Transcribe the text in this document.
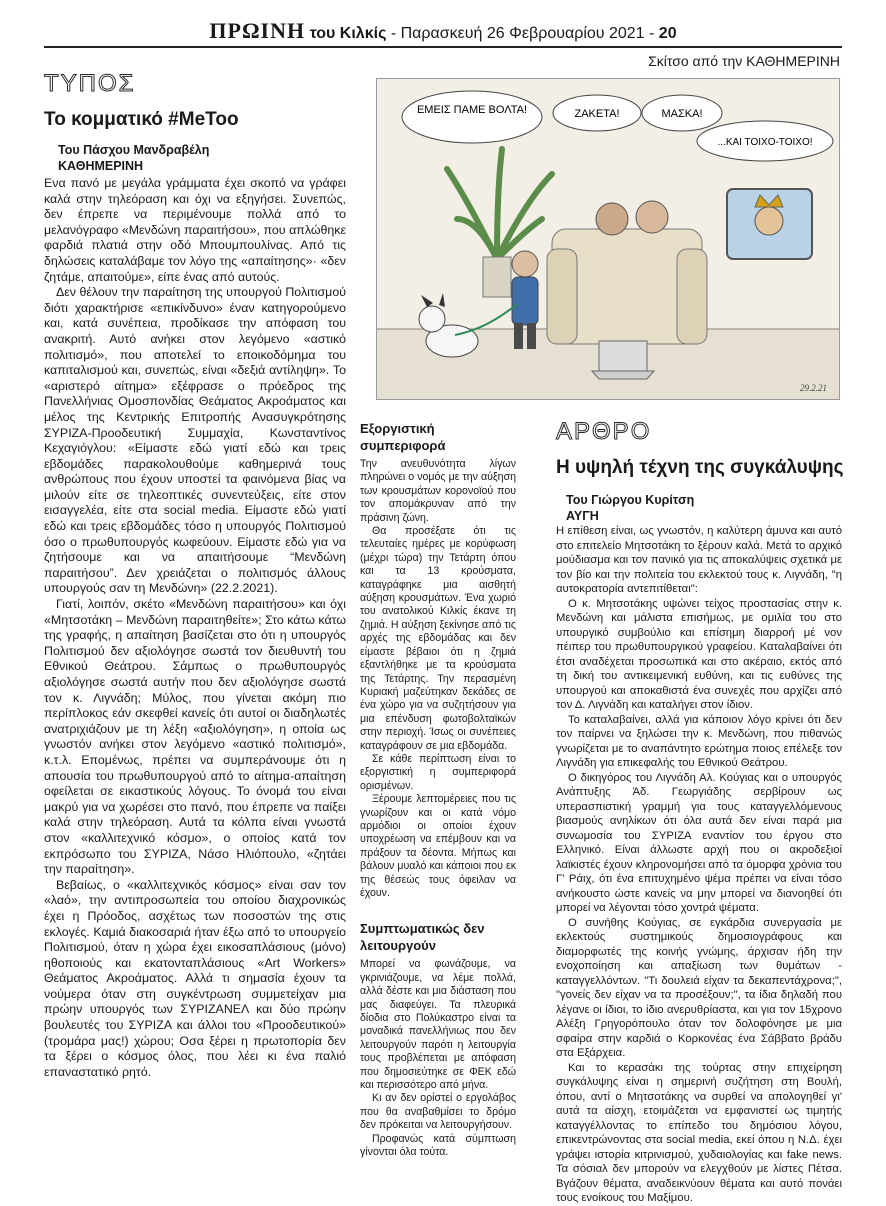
ΠΡΩΙΝΗ του Κιλκίς - Παρασκευή 26 Φεβρουαρίου 2021 - 20
ΤΥΠΟΣ
Το κομματικό #MeToo
Του Πάσχου Μανδραβέλη
ΚΑΘΗΜΕΡΙΝΗ

Ενα πανό με μεγάλα γράμματα έχει σκοπό να γράφει καλά στην τηλεόραση και όχι να εξηγήσει. Συνεπώς, δεν έπρεπε να περιμένουμε πολλά από το μελανόγραφο «Μενδώνη παραιτήσου», που απλώθηκε φαρδιά πλατιά στην οδό Μπουμπουλίνας. Από τις δηλώσεις καταλάβαμε τον λόγο της «απαίτησης»· «δεν ζητάμε, απαιτούμε», είπε ένας από αυτούς.

Δεν θέλουν την παραίτηση της υπουργού Πολιτισμού διότι χαρακτήρισε «επικίνδυνο» έναν κατηγορούμενο και, κατά συνέπεια, προδίκασε την απόφαση του ανακριτή. Αυτό ανήκει στον λεγόμενο «αστικό πολιτισμό», που αποτελεί το εποικοδόμημα του καπιταλισμού και, συνεπώς, είναι «δεξιά αντίληψη». Το «αριστερό αίτημα» εξέφρασε ο πρόεδρος της Πανελλήνιας Ομοσπονδίας Θεάματος Ακροάματος και μέλος της Κεντρικής Επιτροπής Ανασυγκρότησης ΣΥΡΙΖΑ-Προοδευτική Συμμαχία, Κωνσταντίνος Κεχαγιόγλου: «Είμαστε εδώ γιατί εδώ και τρεις εβδομάδες παρακολουθούμε καθημερινά τους ανθρώπους που έχουν υποστεί τα φαινόμενα βίας να μιλούν είτε σε τηλεοπτικές συνεντεύξεις, είτε στον εισαγγελέα, είτε στα social media. Είμαστε εδώ γιατί εδώ και τρεις εβδομάδες τόσο η υπουργός Πολιτισμού όσο ο πρωθυπουργός κωφεύουν. Είμαστε εδώ για να ζητήσουμε και να απαιτήσουμε “Μενδώνη παραιτήσου”. Δεν χρειάζεται ο πολιτισμός άλλους υπουργούς σαν τη Μενδώνη» (22.2.2021).

Γιατί, λοιπόν, σκέτο «Μενδώνη παραιτήσου» και όχι «Μητσοτάκη – Μενδώνη παραιτηθείτε»; Στο κάτω κάτω της γραφής, η απαίτηση βασίζεται στο ότι η υπουργός Πολιτισμού δεν αξιολόγησε σωστά τον διευθυντή του Εθνικού Θεάτρου. Σάμπως ο πρωθυπουργός αξιολόγησε σωστά αυτήν που δεν αξιολόγησε σωστά τον κ. Λιγνάδη; Μύλος, που γίνεται ακόμη πιο περίπλοκος εάν σκεφθεί κανείς ότι αυτοί οι διαδηλωτές ανατριχιάζουν με τη λέξη «αξιολόγηση», η οποία ως γνωστόν ανήκει στον λεγόμενο «αστικό πολιτισμό», κ.τ.λ. Επομένως, πρέπει να συμπεράνουμε ότι η απουσία του πρωθυπουργού από το αίτημα-απαίτηση οφείλεται σε εικαστικούς λόγους. Το όνομά του είναι μακρύ για να χωρέσει στο πανό, που έπρεπε να παίξει καλά στην τηλεόραση. Αυτά τα κόλπα είναι γνωστά στον «καλλιτεχνικό κόσμο», ο οποίος κατά τον εκπρόσωπο του ΣΥΡΙΖΑ, Νάσο Ηλιόπουλο, «ζητάει την παραίτηση».

Βεβαίως, ο «καλλιτεχνικός κόσμος» είναι σαν τον «λαό», την αντιπροσωπεία του οποίου διαχρονικώς έχει η Πρόοδος, ασχέτως των ποσοστών της στις εκλογές. Καμιά διακοσαριά ήταν έξω από το υπουργείο Πολιτισμού, όταν η χώρα έχει εικοσαπλάσιους (μόνο) ηθοποιούς και εκατονταπλάσιους «Art Workers» Θεάματος Ακροάματος. Αλλά τι σημασία έχουν τα νούμερα όταν στη συγκέντρωση συμμετείχαν μια πρώην υπουργός των ΣΥΡΙΖΑΝΕΛ και δύο πρώην βουλευτές του ΣΥΡΙΖΑ και άλλοι του «Προοδευτικού» (τρομάρα μας!) χώρου; Οσα ξέρει η πρωτοπορία δεν τα ξέρει ο κόσμος όλος, που λέει κι ένα παλιό επαναστατικό ρητό.

Σκίτσο από την ΚΑΘΗΜΕΡΙΝΗ
ΕΜΕΙΣ ΠΑΜΕ ΒΟΛΤΑ!	ΖΑΚΕΤΑ!	ΜΑΣΚΑ!
...ΚΑΙ ΤΟΙΧΟ-ΤΟΙΧΟ!
29.2.21
Εξοργιστική συμπεριφορά

Την ανευθυνότητα λίγων πληρώνει ο νομός με την αύξηση των κρουσμάτων κορονοϊού που τον απομάκρυναν από την πράσινη ζώνη.

Θα προσέξατε ότι τις τελευταίες ημέρες με κορύφωση (μέχρι τώρα) την Τετάρτη όπου και τα 13 κρούσματα, καταγράφηκε μια αισθητή αύξηση κρουσμάτων. Ένα χωριό του ανατολικού Κιλκίς έκανε τη ζημιά. Η αύξηση ξεκίνησε από τις αρχές της εβδομάδας και δεν είμαστε βέβαιοι ότι η ζημιά εξαντλήθηκε με τα κρούσματα της Τετάρτης. Την περασμένη Κυριακή μαζεύτηκαν δεκάδες σε ένα χώρο για να συζητήσουν για μια επένδυση φωτοβολταϊκών στην περιοχή. Ίσως οι συνέπειες καταγράφουν σε μια εβδομάδα.

Σε κάθε περίπτωση είναι το εξοργιστική η συμπεριφορά ορισμένων.

Ξέρουμε λεπτομέρειες που τις γνωρίζουν και οι κατά νόμο αρμόδιοι οι οποίοι έχουν υποχρέωση να επέμβουν και να πράξουν τα δέοντα. Μήπως και βάλουν μυαλό και κάποιοι που εκ της θέσεώς τους όφειλαν να έχουν.

Συμπτωματικώς δεν λειτουργούν

Μπορεί να φωνάζουμε, να γκρινιάζουμε, να λέμε πολλά, αλλά δέστε και μια διάσταση που μας διαφεύγει. Τα πλευρικά δίοδια στο Πολύκαστρο είναι τα μοναδικά πανελλήνιως που δεν λειτουργούν παρότι η λειτουργία τους προβλέπεται με απόφαση που δημοσιεύτηκε σε ΦΕΚ εδώ και περισσότερο από μήνα.

Κι αν δεν ορίστεί ο εργολάβος που θα αναβαθμίσει το δρόμο δεν πρόκειται να λειτουργήσουν.

Προφανώς κατά σύμπτωση γίνονται όλα τούτα.

ΑΡΘΡΟ
Η υψηλή τέχνη της συγκάλυψης
Του Γιώργου Κυρίτση
ΑΥΓΗ

Η επίθεση είναι, ως γνωστόν, η καλύτερη άμυνα και αυτό στο επιτελείο Μητσοτάκη το ξέρουν καλά. Μετά το αρχικό μούδιασμα και τον πανικό για τις αποκαλύψεις σχετικά με τον βίο και την πολιτεία του εκλεκτού τους κ. Λιγνάδη, "η αυτοκρατορία αντεπιτίθεται":

Ο κ. Μητσοτάκης υψώνει τείχος προστασίας στην κ. Μενδώνη και μάλιστα επισήμως, με ομιλία του στο υπουργικό συμβούλιο και επίσημη διαρροή μέ νον πέιπερ του πρωθυπουργικού γραφείου. Καταλαβαίνει ότι έτσι αναδέχεται προσωπικά και στο ακέραιο, εκτός από τη δική του αντικειμενική ευθύνη, και τις ευθύνες της υπουργού και αποκαθιστά ένα συνεχές που αρχίζει από τον Δ. Λιγνάδη και καταλήγει στον ίδιον.

Το καταλαβαίνει, αλλά για κάποιον λόγο κρίνει ότι δεν τον παίρνει να ξηλώσει την κ. Μενδώνη, που πιθανώς γνωρίζεται με το αναπάντητο ερώτημα ποιος επέλεξε τον Λιγνάδη για επικεφαλής του Εθνικού Θεάτρου.

Ο δικηγόρος του Λιγνάδη Αλ. Κούγιας και ο υπουργός Ανάπτυξης Άδ. Γεωργιάδης σερβίρουν ως υπερασπιστική γραμμή για τους καταγγελλόμενους βιασμούς ανηλίκων ότι όλα αυτά δεν είναι παρά μια συνωμοσία του ΣΥΡΙΖΑ εναντίον του έργου στο Ελληνικό. Είναι άλλωστε αρχή που οι ακροδεξιοί λαϊκιστές έχουν κληρονομήσει από τα όμορφα χρόνια του Γ' Ράιχ, ότι ένα επιτυχημένο ψέμα πρέπει να είναι τόσο ανήκουστο ώστε κανείς να μην μπορεί να διανοηθεί ότι μπορεί να λέγονται τόσο χοντρά ψέματα.

Ο συνήθης Κούγιας, σε εγκάρδια συνεργασία με εκλεκτούς συστημικούς δημοσιογράφους και διαμορφωτές της κοινής γνώμης, άρχισαν ήδη την ενοχοποίηση και απαξίωση των θυμάτων - καταγγελλόντων. "Τι δουλειά είχαν τα δεκαπεντάχρονα;", "γονείς δεν είχαν να τα προσέξουν;", τα ίδια δηλαδή που λέγανε οι ίδιοι, το ίδιο ανερυθρίαστα, και για τον 15χρονο Αλέξη Γρηγορόπουλο όταν τον δολοφόνησε με μια σφαίρα στην καρδιά ο Κορκονέας ένα Σάββατο βράδυ στα Εξάρχεια.

Και το κερασάκι της τούρτας στην επιχείρηση συγκάλυψης είναι η σημερινή συζήτηση στη Βουλή, όπου, αντί ο Μητσοτάκης να συρθεί να απολογηθεί γι' αυτά τα αίσχη, ετοιμάζεται να εμφανιστεί ως τιμητής καταγγέλλοντας το επίπεδο του δημόσιου λόγου, επικεντρώνοντας στα social media, εκεί όπου η Ν.Δ. έχει γράψει ιστορία κιτρινισμού, χυδαιολογίας και fake news. Τα σόσιαλ δεν μπορούν να ελεγχθούν με λίστες Πέτσα. Βγάζουν θέματα, αναδεικνύουν θέματα και αυτό πονάει τους ενοίκους του Μαξίμου.
